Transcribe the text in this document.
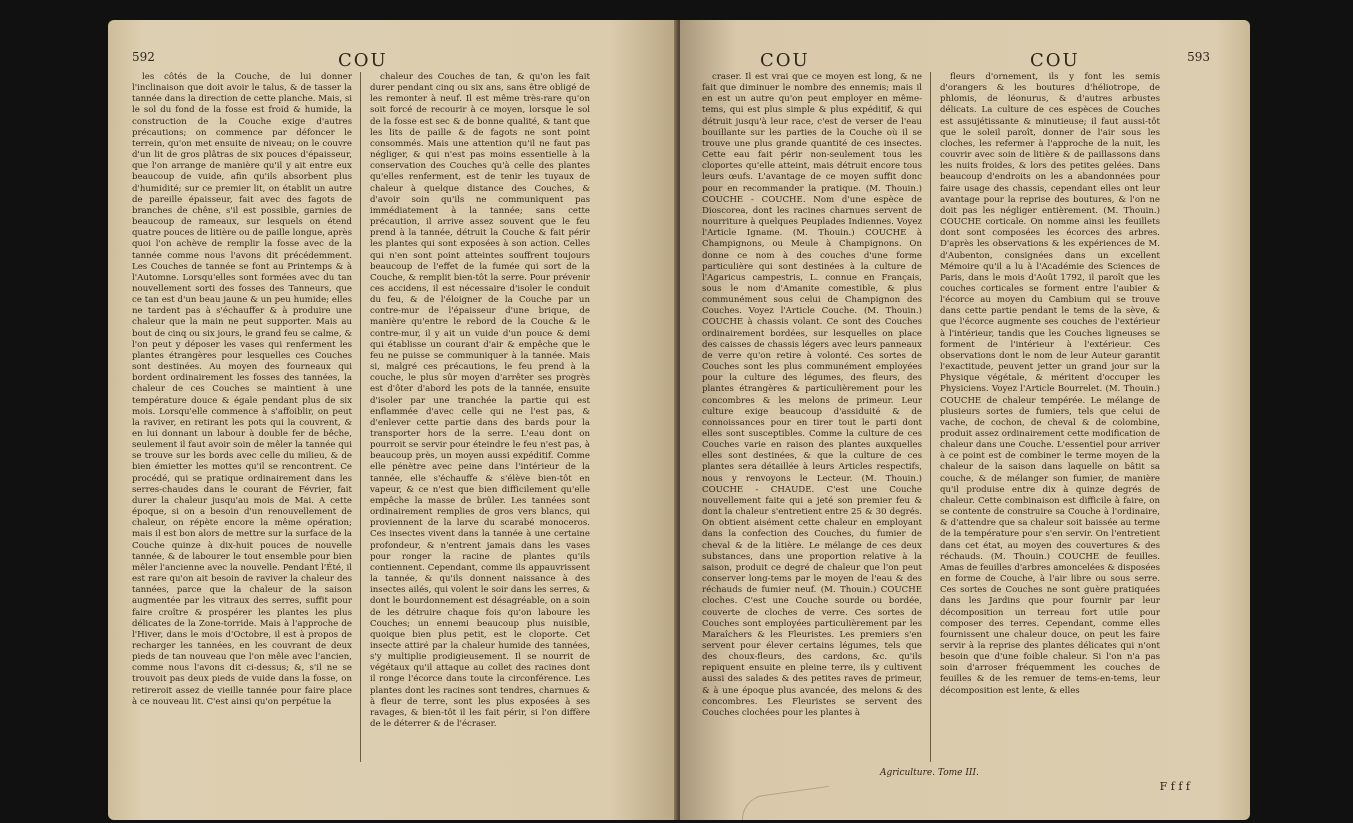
592	COU

les côtés de la Couche, de lui donner l'inclinaison que doit avoir le talus, & de tasser la tannée dans la direction de cette planche. Mais, si le sol du fond de la fosse est froid & humide, la construction de la Couche exige d'autres précautions; on commence par défoncer le terrein, qu'on met ensuite de niveau; on le couvre d'un lit de gros plâtras de six pouces d'épaisseur, que l'on arrange de manière qu'il y ait entre eux beaucoup de vuide, afin qu'ils absorbent plus d'humidité; sur ce premier lit, on établit un autre de pareille épaisseur, fait avec des fagots de branches de chêne, s'il est possible, garnies de beaucoup de rameaux, sur lesquels on étend quatre pouces de litière ou de paille longue, après quoi l'on achève de remplir la fosse avec de la tannée comme nous l'avons dit précédemment. Les Couches de tannée se font au Printemps & à l'Automne. Lorsqu'elles sont formées avec du tan nouvellement sorti des fosses des Tanneurs, que ce tan est d'un beau jaune & un peu humide; elles ne tardent pas à s'échauffer & à produire une chaleur que la main ne peut supporter. Mais au bout de cinq ou six jours, le grand feu se calme, & l'on peut y déposer les vases qui renferment les plantes étrangères pour lesquelles ces Couches sont destinées. Au moyen des fourneaux qui bordent ordinairement les fosses des tannées, la chaleur de ces Couches se maintient à une température douce & égale pendant plus de six mois. Lorsqu'elle commence à s'affoiblir, on peut la raviver, en retirant les pots qui la couvrent, & en lui donnant un labour à double fer de bêche, seulement il faut avoir soin de mêler la tannée qui se trouve sur les bords avec celle du milieu, & de bien émietter les mottes qu'il se rencontrent. Ce procédé, qui se pratique ordinairement dans les serres-chaudes dans le courant de Février, fait durer la chaleur jusqu'au mois de Mai. A cette époque, si on a besoin d'un renouvellement de chaleur, on répète encore la même opération; mais il est bon alors de mettre sur la surface de la Couche quinze à dix-huit pouces de nouvelle tannée, & de labourer le tout ensemble pour bien mêler l'ancienne avec la nouvelle. Pendant l'Été, il est rare qu'on ait besoin de raviver la chaleur des tannées, parce que la chaleur de la saison augmentée par les vitraux des serres, suffit pour faire croître & prospérer les plantes les plus délicates de la Zone-torride. Mais à l'approche de l'Hiver, dans le mois d'Octobre, il est à propos de recharger les tannées, en les couvrant de deux pieds de tan nouveau que l'on mêle avec l'ancien, comme nous l'avons dit ci-dessus; &, s'il ne se trouvoit pas deux pieds de vuide dans la fosse, on retireroit assez de vieille tannée pour faire place à ce nouveau lit. C'est ainsi qu'on perpétue la

chaleur des Couches de tan, & qu'on les fait durer pendant cinq ou six ans, sans être obligé de les remonter à neuf. Il est même très-rare qu'on soit forcé de recourir à ce moyen, lorsque le sol de la fosse est sec & de bonne qualité, & tant que les lits de paille & de fagots ne sont point consommés. Mais une attention qu'il ne faut pas négliger, & qui n'est pas moins essentielle à la conservation des Couches qu'à celle des plantes qu'elles renferment, est de tenir les tuyaux de chaleur à quelque distance des Couches, & d'avoir soin qu'ils ne communiquent pas immédiatement à la tannée; sans cette précaution, il arrive assez souvent que le feu prend à la tannée, détruit la Couche & fait périr les plantes qui sont exposées à son action. Celles qui n'en sont point atteintes souffrent toujours beaucoup de l'effet de la fumée qui sort de la Couche, & remplit bien-tôt la serre. Pour prévenir ces accidens, il est nécessaire d'isoler le conduit du feu, & de l'éloigner de la Couche par un contre-mur de l'épaisseur d'une brique, de manière qu'entre le rebord de la Couche & le contre-mur, il y ait un vuide d'un pouce & demi qui établisse un courant d'air & empêche que le feu ne puisse se communiquer à la tannée. Mais si, malgré ces précautions, le feu prend à la couche, le plus sûr moyen d'arrêter ses progrès est d'ôter d'abord les pots de la tannée, ensuite d'isoler par une tranchée la partie qui est enflammée d'avec celle qui ne l'est pas, & d'enlever cette partie dans des bards pour la transporter hors de la serre. L'eau dont on pourroit se servir pour éteindre le feu n'est pas, à beaucoup près, un moyen aussi expéditif. Comme elle pénètre avec peine dans l'intérieur de la tannée, elle s'échauffe & s'élève bien-tôt en vapeur, & ce n'est que bien difficilement qu'elle empêche la masse de brûler. Les tannées sont ordinairement remplies de gros vers blancs, qui proviennent de la larve du scarabé monoceros. Ces insectes vivent dans la tannée à une certaine profondeur, & n'entrent jamais dans les vases pour ronger la racine de plantes qu'ils contiennent. Cependant, comme ils appauvrissent la tannée, & qu'ils donnent naissance à des insectes ailés, qui volent le soir dans les serres, & dont le bourdonnement est désagréable, on a soin de les détruire chaque fois qu'on laboure les Couches; un ennemi beaucoup plus nuisible, quoique bien plus petit, est le cloporte. Cet insecte attiré par la chaleur humide des tannées, s'y multiplie prodigieusement. Il se nourrit de végétaux qu'il attaque au collet des racines dont il ronge l'écorce dans toute la circonférence. Les plantes dont les racines sont tendres, charnues & à fleur de terre, sont les plus exposées à ses ravages, & bien-tôt il les fait périr, si l'on diffère de le déterrer & de l'écraser.

COU	COU	593

craser. Il est vrai que ce moyen est long, & ne fait que diminuer le nombre des ennemis; mais il en est un autre qu'on peut employer en même-tems, qui est plus simple & plus expéditif, & qui détruit jusqu'à leur race, c'est de verser de l'eau bouillante sur les parties de la Couche où il se trouve une plus grande quantité de ces insectes. Cette eau fait périr non-seulement tous les cloportes qu'elle atteint, mais détruit encore tous leurs œufs. L'avantage de ce moyen suffit donc pour en recommander la pratique. (M. Thouin.) COUCHE - COUCHE. Nom d'une espèce de Dioscorea, dont les racines charnues servent de nourriture à quelques Peuplades Indiennes. Voyez l'Article Igname. (M. Thouin.) COUCHE à Champignons, ou Meule à Champignons. On donne ce nom à des couches d'une forme particulière qui sont destinées à la culture de l'Agaricus campestris, L. connue en Français, sous le nom d'Amanite comestible, & plus communément sous celui de Champignon des Couches. Voyez l'Article Couche. (M. Thouin.) COUCHE à chassis volant. Ce sont des Couches ordinairement bordées, sur lesquelles on place des caisses de chassis légers avec leurs panneaux de verre qu'on retire à volonté. Ces sortes de Couches sont les plus communément employées pour la culture des légumes, des fleurs, des plantes étrangères & particulièrement pour les concombres & les melons de primeur. Leur culture exige beaucoup d'assiduité & de connoissances pour en tirer tout le parti dont elles sont susceptibles. Comme la culture de ces Couches varie en raison des plantes auxquelles elles sont destinées, & que la culture de ces plantes sera détaillée à leurs Articles respectifs, nous y renvoyons le Lecteur. (M. Thouin.) COUCHE - CHAUDE. C'est une Couche nouvellement faite qui a jeté son premier feu & dont la chaleur s'entretient entre 25 & 30 degrés. On obtient aisément cette chaleur en employant dans la confection des Couches, du fumier de cheval & de la litière. Le mélange de ces deux substances, dans une proportion relative à la saison, produit ce degré de chaleur que l'on peut conserver long-tems par le moyen de l'eau & des réchauds de fumier neuf. (M. Thouin.) COUCHE cloches. C'est une Couche sourde ou bordée, couverte de cloches de verre. Ces sortes de Couches sont employées particulièrement par les Maraîchers & les Fleuristes. Les premiers s'en servent pour élever certains légumes, tels que des choux-fleurs, des cardons, &c. qu'ils repiquent ensuite en pleine terre, ils y cultivent aussi des salades & des petites raves de primeur, & à une époque plus avancée, des melons & des concombres. Les Fleuristes se servent des Couches clochées pour les plantes à

fleurs d'ornement, ils y font les semis d'orangers & les boutures d'héliotrope, de phlomis, de léonurus, & d'autres arbustes délicats. La culture de ces espèces de Couches est assujétissante & minutieuse; il faut aussi-tôt que le soleil paroît, donner de l'air sous les cloches, les refermer à l'approche de la nuit, les couvrir avec soin de litière & de paillassons dans les nuits froides, & lors des petites gelées. Dans beaucoup d'endroits on les a abandonnées pour faire usage des chassis, cependant elles ont leur avantage pour la reprise des boutures, & l'on ne doit pas les négliger entièrement. (M. Thouin.) COUCHE corticale. On nomme ainsi les feuillets dont sont composées les écorces des arbres. D'après les observations & les expériences de M. d'Aubenton, consignées dans un excellent Mémoire qu'il a lu à l'Académie des Sciences de Paris, dans le mois d'Août 1792, il paroît que les couches corticales se forment entre l'aubier & l'écorce au moyen du Cambium qui se trouve dans cette partie pendant le tems de la sève, & que l'écorce augmente ses couches de l'extérieur à l'intérieur, tandis que les Couches ligneuses se forment de l'intérieur à l'extérieur. Ces observations dont le nom de leur Auteur garantit l'exactitude, peuvent jetter un grand jour sur la Physique végétale, & méritent d'occuper les Physiciens. Voyez l'Article Bourrelet. (M. Thouin.) COUCHE de chaleur tempérée. Le mélange de plusieurs sortes de fumiers, tels que celui de vache, de cochon, de cheval & de colombine, produit assez ordinairement cette modification de chaleur dans une Couche. L'essentiel pour arriver à ce point est de combiner le terme moyen de la chaleur de la saison dans laquelle on bâtit sa couche, & de mélanger son fumier, de manière qu'il produise entre dix à quinze degrés de chaleur. Cette combinaison est difficile à faire, on se contente de construire sa Couche à l'ordinaire, & d'attendre que sa chaleur soit baissée au terme de la température pour s'en servir. On l'entretient dans cet état, au moyen des couvertures & des réchauds. (M. Thouin.) COUCHE de feuilles. Amas de feuilles d'arbres amoncelées & disposées en forme de Couche, à l'air libre ou sous serre. Ces sortes de Couches ne sont guère pratiquées dans les Jardins que pour fournir par leur décomposition un terreau fort utile pour composer des terres. Cependant, comme elles fournissent une chaleur douce, on peut les faire servir à la reprise des plantes délicates qui n'ont besoin que d'une foible chaleur. Si l'on n'a pas soin d'arroser fréquemment les couches de feuilles & de les remuer de tems-en-tems, leur décomposition est lente, & elles

Agriculture. Tome III.
F f f f
